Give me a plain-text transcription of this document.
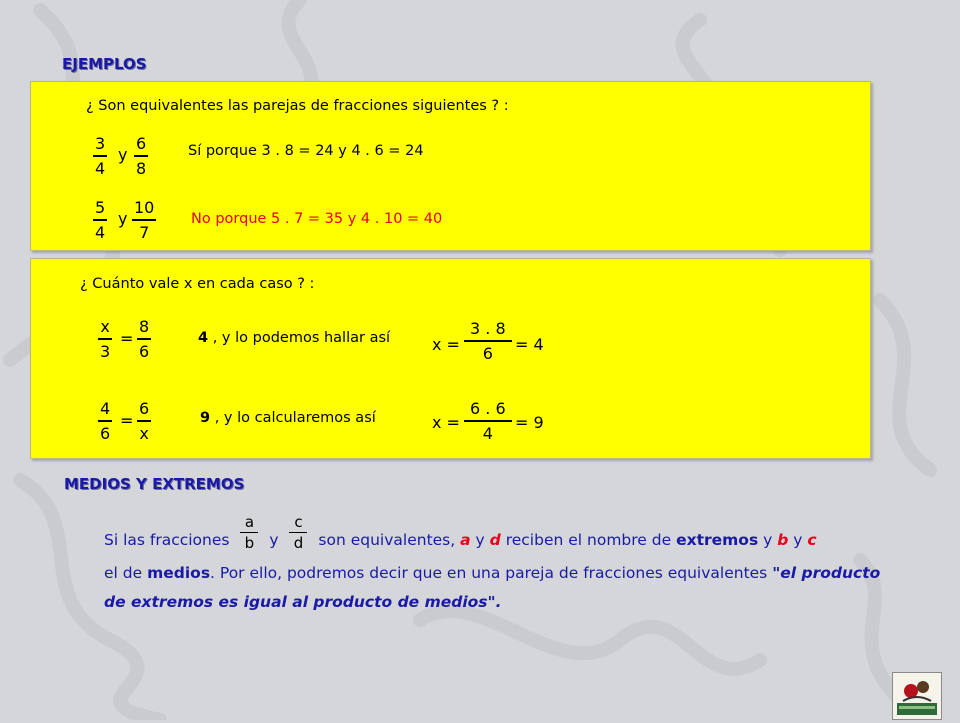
EJEMPLOS
¿ Son equivalentes las parejas de fracciones siguientes ? :
3
4
y
6
8
Sí porque 3 . 8 = 24 y 4 . 6 = 24
5
4
y
10
7
No porque 5 . 7 = 35 y 4 . 10 = 40
¿ Cuánto vale x en cada caso ? :
x
3
=
8
6
4 , y lo podemos hallar así	x =
3 . 8
6 = 4
4
6
=
6
x
9 , y lo calcularemos así	x =
6 . 6
4
= 9
MEDIOS Y EXTREMOS
Si las fracciones $\frac{a}{b}$ y $\frac{c}{d}$ son equivalentes, a y d reciben el nombre de extremos y b y c
el de medios. Por ello, podremos decir que en una pareja de fracciones equivalentes "el producto de extremos es igual al producto de medios".
